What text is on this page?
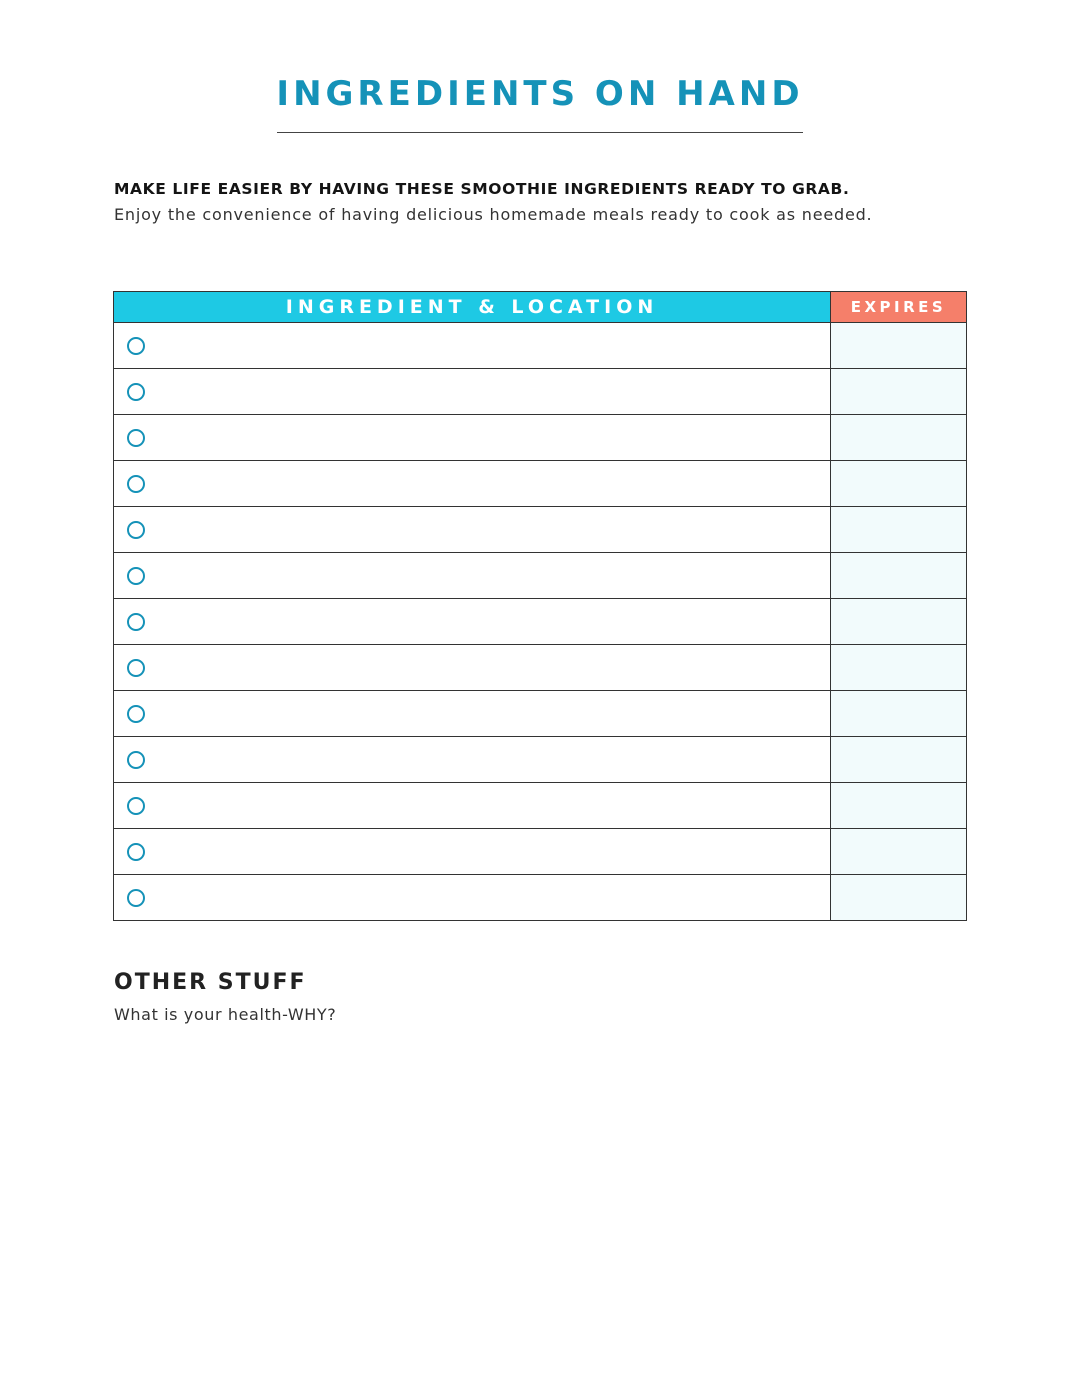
INGREDIENTS ON HAND

MAKE LIFE EASIER BY HAVING THESE SMOOTHIE INGREDIENTS READY TO GRAB.

Enjoy the convenience of having delicious homemade meals ready to cook as needed.

INGREDIENT & LOCATION	EXPIRES
OTHER STUFF

What is your health-WHY?
